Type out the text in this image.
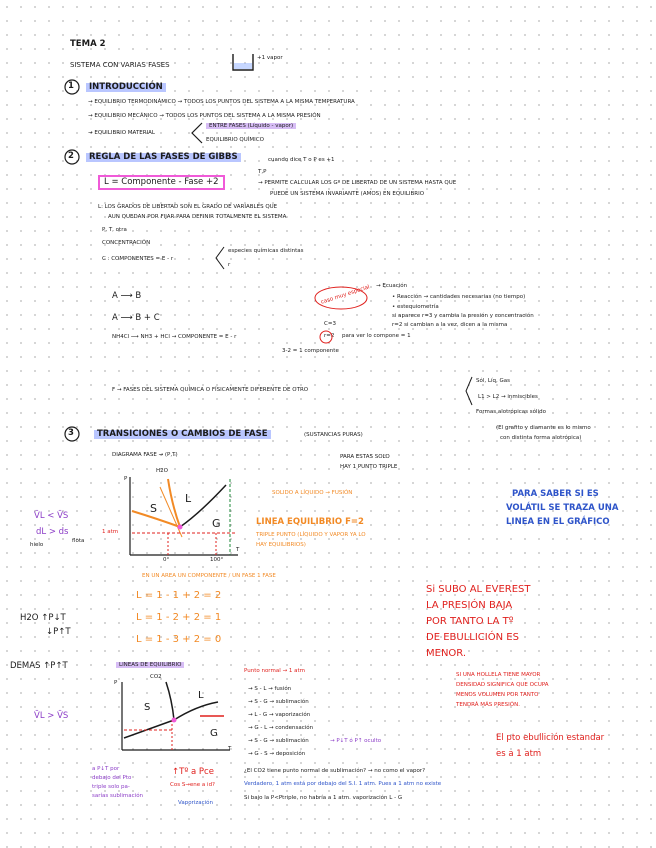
TEMA 2
SISTEMA CON VARIAS FASES
+1 vapor
1	INTRODUCCIÓN
→ EQUILIBRIO TERMODINÁMICO → TODOS LOS PUNTOS DEL SISTEMA A LA MISMA TEMPERATURA
→ EQUILIBRIO MECÁNICO → TODOS LOS PUNTOS DEL SISTEMA A LA MISMA PRESIÓN
→ EQUILIBRIO MATERIAL
ENTRE FASES (Líquido - vapor)
EQUILIBRIO QUÍMICO
2	REGLA DE LAS FASES DE GIBBS	cuando dice T o P es +1
T,P
L = Componente - Fase +2	→ PERMITE CALCULAR LOS Gº DE LIBERTAD DE UN SISTEMA HASTA QUE
PUEDE UN SISTEMA INVARIANTE (AMOS) EN EQUILIBRIO
L: LOS GRADOS DE LIBERTAD SON EL GRADO DE VARIABLES QUE
AUN QUEDAN POR FIJAR PARA DEFINIR TOTALMENTE EL SISTEMA
P, T, otra
CONCENTRACIÓN
C : COMPONENTES = E - r
especies químicas distintas
r
A ⟶ B
A ⟶ B + C
NH4Cl ⟶ NH3 + HCl → COMPONENTE = E - r
caso muy especial
C=3
r=2 para ver lo compone = 1
3-2 = 1 componente
→ Ecuación
• Reacción → cantidades necesarias (no tiempo)
• estequiometría
si aparece r=3 y cambia la presión y concentración
r=2 si cambian a la vez, dicen a la misma
F → FASES DEL SISTEMA QUÍMICA O FÍSICAMENTE DIFERENTE DE OTRO
Sól, Líq, Gas
L1 > L2 → inmiscibles
Formas alotrópicas sólido
(El grafito y diamante es lo mismo
con distinta forma alotrópica)
3	TRANSICIONES O CAMBIOS DE FASE	(SUSTANCIAS PURAS)
DIAGRAMA FASE → (P,T)	PARA ESTAS SOLO
HAY 1 PUNTO TRIPLE
H2O
V̄L < V̄S
dL > ds
hielo
flota
P
T
S
L
G
0°	100°
1 atm
SOLIDO A LÍQUIDO → FUSIÓN
LINEA EQUILIBRIO F=2
TRIPLE PUNTO (LÍQUIDO Y VAPOR YA LO
HAY EQUILIBRIOS)
PARA SABER SI ES
VOLÁTIL SE TRAZA UNA
LINEA EN EL GRÁFICO
EN UN AREA UN COMPONENTE / UN FASE 1 FASE
L = 1 - 1 + 2 = 2
L = 1 - 2 + 2 = 1
L = 1 - 3 + 2 = 0
Si SUBO AL EVEREST
LA PRESIÓN BAJA
POR TANTO LA Tº
DE EBULLICIÓN ES
MENOR.
H2O ↑P↓T
↓P↑T
DEMAS ↑P↑T	LINEAS DE EQUILIBRIO
CO2
V̄L > V̄S
P
T
S
L
G
Punto normal → 1 atm
→ S - L → fusión
→ S - G → sublimación
→ L - G → vaporización
→ G - L → condensación
→ S - G → sublimación	→ P↓T ó P↑ oculto
→ G - S → deposición
¿El CO2 tiene punto normal de sublimación? → no como el vapor?
Verdadero, 1 atm está por debajo del S.I. 1 atm. Pues a 1 atm no existe
Si bajo la P<Ptriple, no habría a 1 atm. vaporización L - G
SI UNA HOLLELA TIENE MAYOR
DENSIDAD SIGNIFICA QUE OCUPA
MENOS VOLUMEN POR TANTO
TENDRÁ MÁS PRESIÓN.
El pto ebullición estandar
es a 1 atm
a P↓T por
debajo del Pto
triple solo pa-
sarías sublimación
↑Tº a Pce
Cos S→ene a id?
Vaporización
